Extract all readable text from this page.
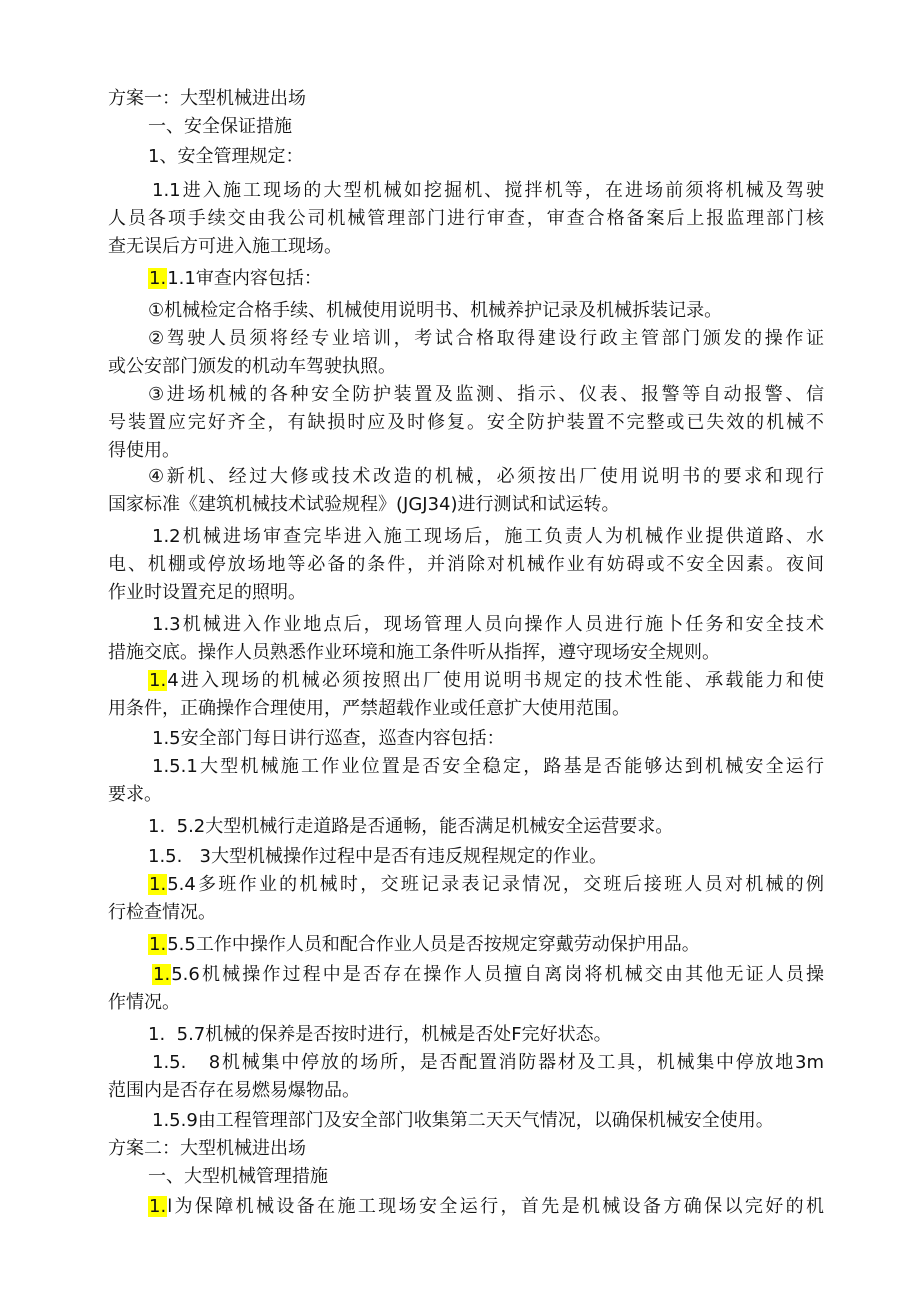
方案一：大型机械进出场
一、安全保证措施
1、安全管理规定：
1.1进入施工现场的大型机械如挖掘机、搅拌机等，在进场前须将机械及驾驶
人员各项手续交由我公司机械管理部门进行审查，审查合格备案后上报监理部门核
查无误后方可进入施工现场。
1.1.1审查内容包括：
①机械检定合格手续、机械使用说明书、机械养护记录及机械拆装记录。
②驾驶人员须将经专业培训，考试合格取得建设行政主管部门颁发的操作证
或公安部门颁发的机动车驾驶执照。
③进场机械的各种安全防护装置及监测、指示、仪表、报警等自动报警、信
号装置应完好齐全，有缺损时应及时修复。安全防护装置不完整或已失效的机械不
得使用。
④新机、经过大修或技术改造的机械，必须按出厂使用说明书的要求和现行
国家标准《建筑机械技术试验规程》(JGJ34)进行测试和试运转。
1.2机械进场审查完毕进入施工现场后，施工负责人为机械作业提供道路、水
电、机棚或停放场地等必备的条件，并消除对机械作业有妨碍或不安全因素。夜间
作业时设置充足的照明。
1.3机械进入作业地点后，现场管理人员向操作人员进行施卜任务和安全技术
措施交底。操作人员熟悉作业环境和施工条件听从指挥，遵守现场安全规则。
1.4进入现场的机械必须按照出厂使用说明书规定的技术性能、承载能力和使
用条件，正确操作合理使用，严禁超载作业或任意扩大使用范围。
1.5安全部门每日讲行巡查，巡查内容包括：
1.5.1大型机械施工作业位置是否安全稳定，路基是否能够达到机械安全运行
要求。
1.  5.2大型机械行走道路是否通畅，能否满足机械安全运营要求。
1.5.   3大型机械操作过程中是否有违反规程规定的作业。
1.5.4多班作业的机械时，交班记录表记录情况，交班后接班人员对机械的例
行检查情况。
1.5.5工作中操作人员和配合作业人员是否按规定穿戴劳动保护用品。
1.5.6机械操作过程中是否存在操作人员擅自离岗将机械交由其他无证人员操
作情况。
1.  5.7机械的保养是否按时进行，机械是否处F完好状态。
1.5.   8机械集中停放的场所，是否配置消防器材及工具，机械集中停放地3m
范围内是否存在易燃易爆物品。
1.5.9由工程管理部门及安全部门收集第二天天气情况，以确保机械安全使用。
方案二：大型机械进出场
一、大型机械管理措施
1.l为保障机械设备在施工现场安全运行，首先是机械设备方确保以完好的机
